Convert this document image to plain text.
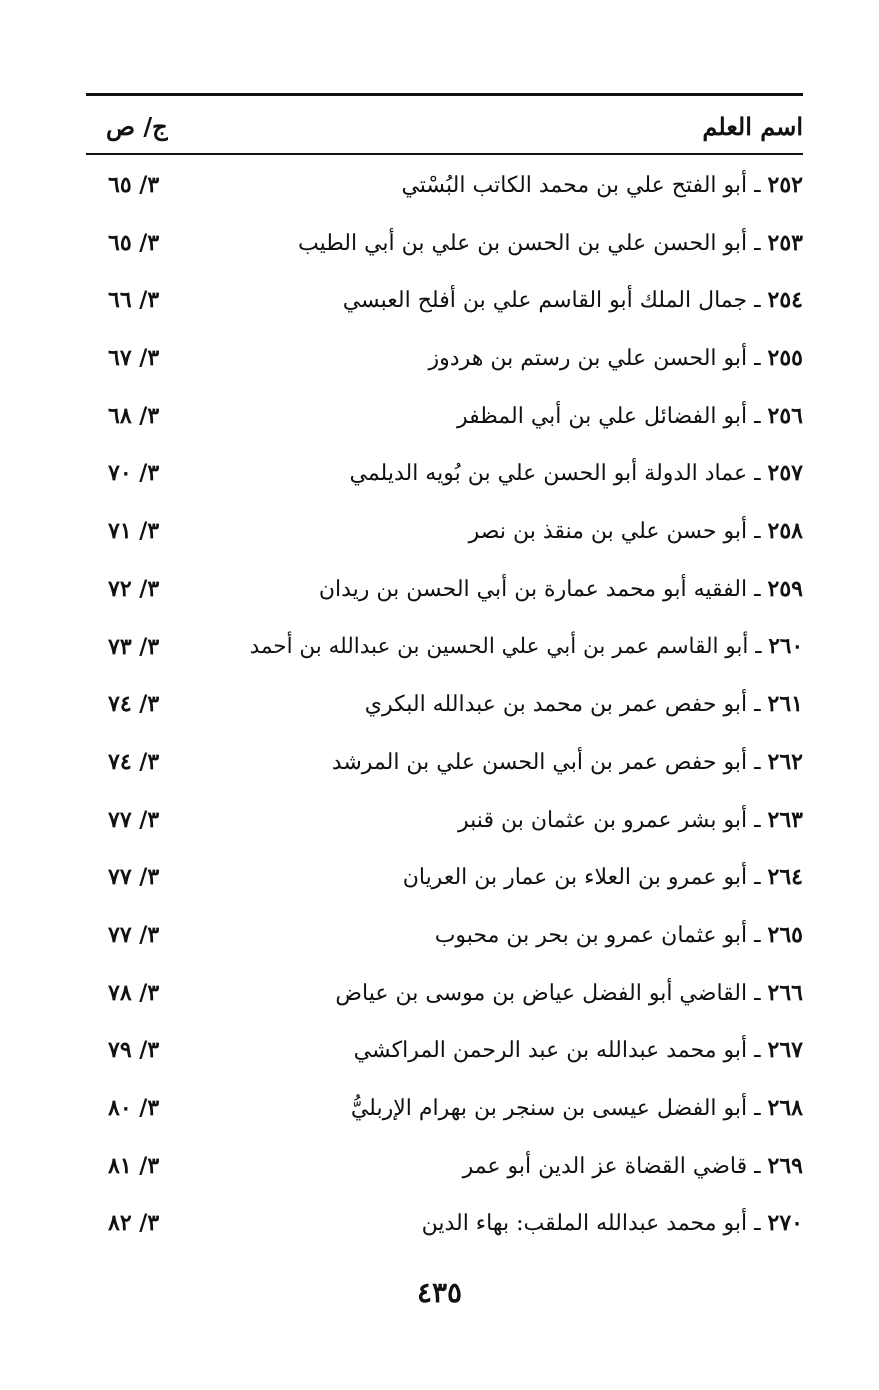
اسم العلم
ج/ ص
٢٥٢ ـ أبو الفتح علي بن محمد الكاتب البُسْتي
٣/ ٦٥
٢٥٣ ـ أبو الحسن علي بن الحسن بن علي بن أبي الطيب
٣/ ٦٥
٢٥٤ ـ جمال الملك أبو القاسم علي بن أفلح العبسي
٣/ ٦٦
٢٥٥ ـ أبو الحسن علي بن رستم بن هردوز
٣/ ٦٧
٢٥٦ ـ أبو الفضائل علي بن أبي المظفر
٣/ ٦٨
٢٥٧ ـ عماد الدولة أبو الحسن علي بن بُويه الديلمي
٣/ ٧٠
٢٥٨ ـ أبو حسن علي بن منقذ بن نصر
٣/ ٧١
٢٥٩ ـ الفقيه أبو محمد عمارة بن أبي الحسن بن ريدان
٣/ ٧٢
٢٦٠ ـ أبو القاسم عمر بن أبي علي الحسين بن عبدالله بن أحمد
٣/ ٧٣
٢٦١ ـ أبو حفص عمر بن محمد بن عبدالله البكري
٣/ ٧٤
٢٦٢ ـ أبو حفص عمر بن أبي الحسن علي بن المرشد
٣/ ٧٤
٢٦٣ ـ أبو بشر عمرو بن عثمان بن قنبر
٣/ ٧٧
٢٦٤ ـ أبو عمرو بن العلاء بن عمار بن العريان
٣/ ٧٧
٢٦٥ ـ أبو عثمان عمرو بن بحر بن محبوب
٣/ ٧٧
٢٦٦ ـ القاضي أبو الفضل عياض بن موسى بن عياض
٣/ ٧٨
٢٦٧ ـ أبو محمد عبدالله بن عبد الرحمن المراكشي
٣/ ٧٩
٢٦٨ ـ أبو الفضل عيسى بن سنجر بن بهرام الإربليُّ
٣/ ٨٠
٢٦٩ ـ قاضي القضاة عز الدين أبو عمر
٣/ ٨١
٢٧٠ ـ أبو محمد عبدالله الملقب: بهاء الدين
٣/ ٨٢
٤٣٥
